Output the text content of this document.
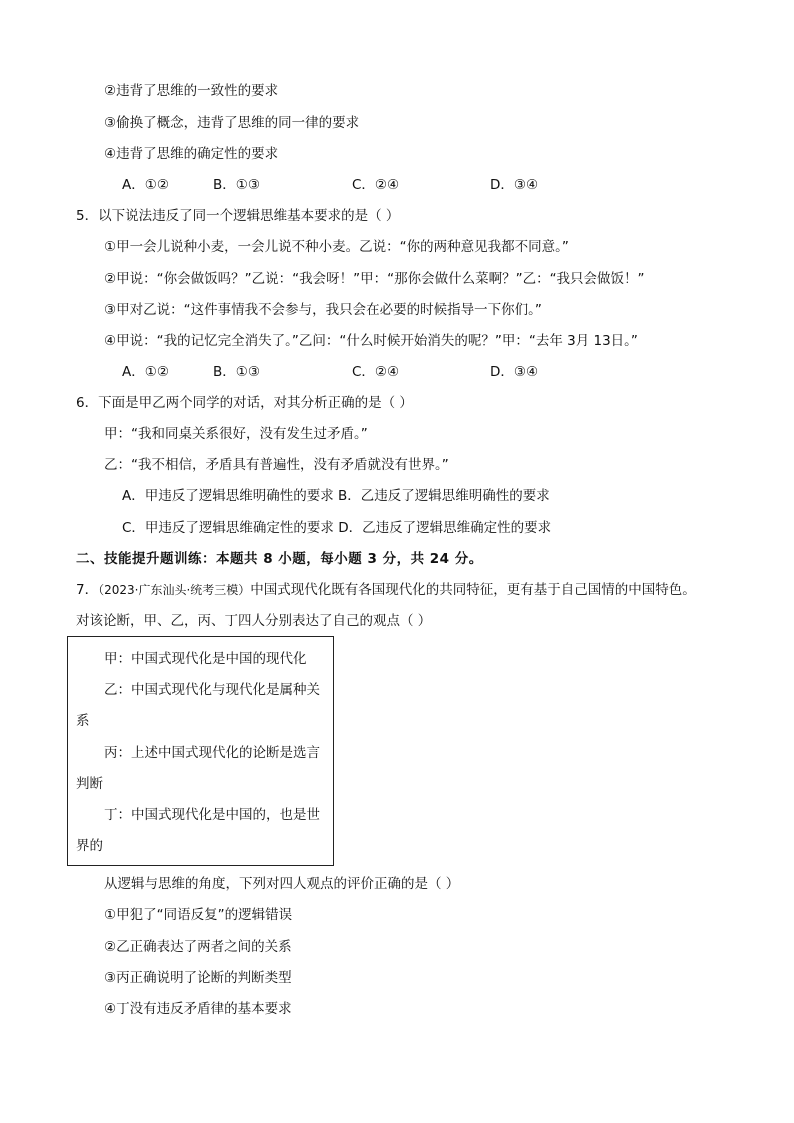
②违背了思维的一致性的要求
③偷换了概念，违背了思维的同一律的要求
④违背了思维的确定性的要求
A．①②	B．①③	C．②④	D．③④
5．以下说法违反了同一个逻辑思维基本要求的是（ ）
①甲一会儿说种小麦，一会儿说不种小麦。乙说：“你的两种意见我都不同意。”
②甲说：“你会做饭吗？”乙说：“我会呀！”甲：“那你会做什么菜啊？”乙：“我只会做饭！”
③甲对乙说：“这件事情我不会参与，我只会在必要的时候指导一下你们。”
④甲说：“我的记忆完全消失了。”乙问：“什么时候开始消失的呢？”甲：“去年 3月 13日。”
A．①②	B．①③	C．②④	D．③④
6．下面是甲乙两个同学的对话，对其分析正确的是（ ）
甲：“我和同桌关系很好，没有发生过矛盾。”
乙：“我不相信，矛盾具有普遍性，没有矛盾就没有世界。”
A．甲违反了逻辑思维明确性的要求 B．乙违反了逻辑思维明确性的要求
C．甲违反了逻辑思维确定性的要求 D．乙违反了逻辑思维确定性的要求
二、技能提升题训练：本题共 8 小题，每小题 3 分，共 24 分。
7．（2023·广东汕头·统考三模）中国式现代化既有各国现代化的共同特征，更有基于自己国情的中国特色。
对该论断，甲、乙，丙、丁四人分别表达了自己的观点（ ）
甲：中国式现代化是中国的现代化
乙：中国式现代化与现代化是属种关
系
丙：上述中国式现代化的论断是选言
判断
丁：中国式现代化是中国的，也是世
界的
从逻辑与思维的角度，下列对四人观点的评价正确的是（ ）
①甲犯了“同语反复”的逻辑错误
②乙正确表达了两者之间的关系
③丙正确说明了论断的判断类型
④丁没有违反矛盾律的基本要求
